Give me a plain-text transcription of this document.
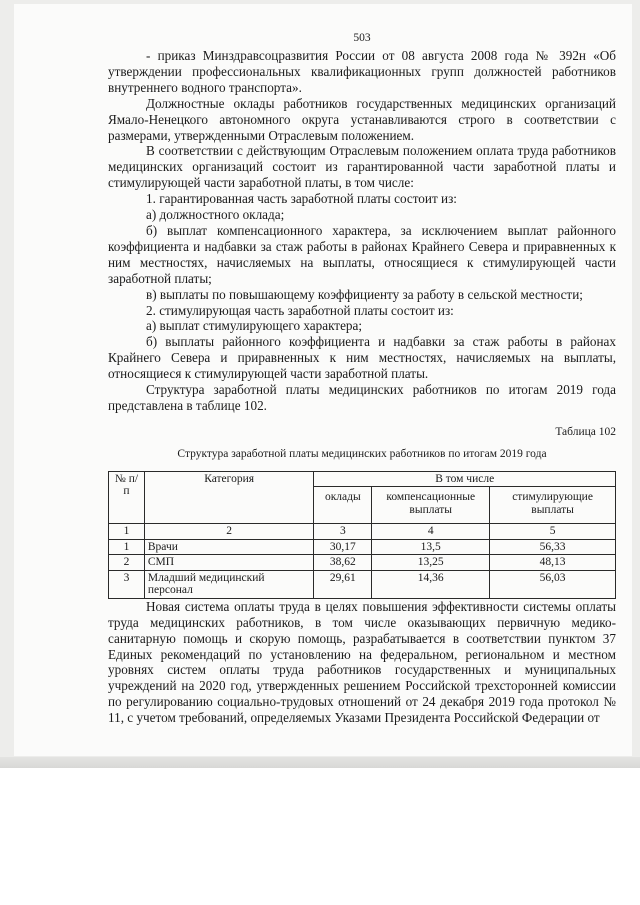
503

- приказ Минздравсоцразвития России от 08 августа 2008 года № 392н «Об утверждении профессиональных квалификационных групп должностей работников внутреннего водного транспорта».

Должностные оклады работников государственных медицинских организаций Ямало-Ненецкого автономного округа устанавливаются строго в соответствии с размерами, утвержденными Отраслевым положением.

В соответствии с действующим Отраслевым положением оплата труда работников медицинских организаций состоит из гарантированной части заработной платы и стимулирующей части заработной платы, в том числе:

1. гарантированная часть заработной платы состоит из:

а) должностного оклада;

б) выплат компенсационного характера, за исключением выплат районного коэффициента и надбавки за стаж работы в районах Крайнего Севера и приравненных к ним местностях, начисляемых на выплаты, относящиеся к стимулирующей части заработной платы;

в) выплаты по повышающему коэффициенту за работу в сельской местности;

2. стимулирующая часть заработной платы состоит из:

а) выплат стимулирующего характера;

б) выплаты районного коэффициента и надбавки за стаж работы в районах Крайнего Севера и приравненных к ним местностях, начисляемых на выплаты, относящиеся к стимулирующей части заработной платы.

Структура заработной платы медицинских работников по итогам 2019 года представлена в таблице 102.

Таблица 102
Структура заработной платы медицинских работников по итогам 2019 года
№ п/п	Категория	В том числе		
		оклады	компенсационные выплаты	стимулирующие выплаты
1	2	3	4	5
1	Врачи	30,17	13,5	56,33
2	СМП	38,62	13,25	48,13
3	Младший медицинский персонал	29,61	14,36	56,03

Новая система оплаты труда в целях повышения эффективности системы оплаты труда медицинских работников, в том числе оказывающих первичную медико-санитарную помощь и скорую помощь, разрабатывается в соответствии пунктом 37 Единых рекомендаций по установлению на федеральном, региональном и местном уровнях систем оплаты труда работников государственных и муниципальных учреждений на 2020 год, утвержденных решением Российской трехсторонней комиссии по регулированию социально-трудовых отношений от 24 декабря 2019 года протокол № 11, с учетом требований, определяемых Указами Президента Российской Федерации от
